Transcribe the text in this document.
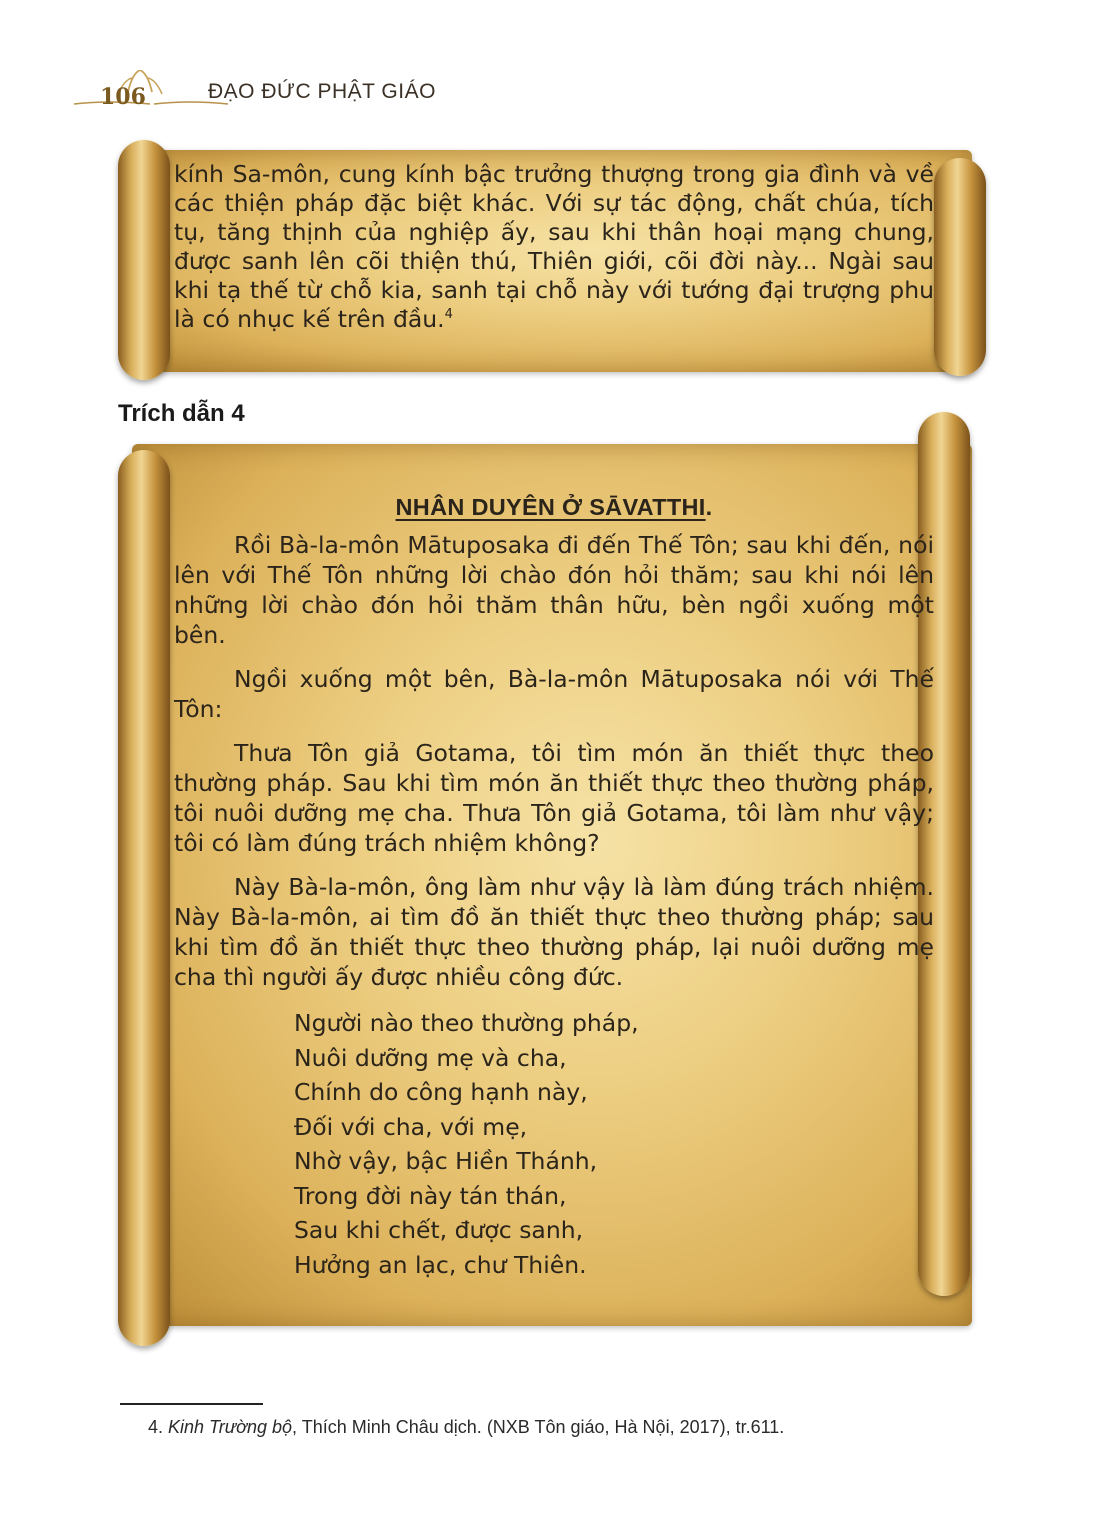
106	ĐẠO ĐỨC PHẬT GIÁO

kính Sa-môn, cung kính bậc trưởng thượng trong gia đình và về các thiện pháp đặc biệt khác. Với sự tác động, chất chúa, tích tụ, tăng thịnh của nghiệp ấy, sau khi thân hoại mạng chung, được sanh lên cõi thiện thú, Thiên giới, cõi đời này... Ngài sau khi tạ thế từ chỗ kia, sanh tại chỗ này với tướng đại trượng phu là có nhục kế trên đầu.$^4$

Trích dẫn 4
NHÂN DUYÊN Ở SĀVATTHI.

Rồi Bà-la-môn Mātuposaka đi đến Thế Tôn; sau khi đến, nói lên với Thế Tôn những lời chào đón hỏi thăm; sau khi nói lên những lời chào đón hỏi thăm thân hữu, bèn ngồi xuống một bên.

Ngồi xuống một bên, Bà-la-môn Mātuposaka nói với Thế Tôn:

Thưa Tôn giả Gotama, tôi tìm món ăn thiết thực theo thường pháp. Sau khi tìm món ăn thiết thực theo thường pháp, tôi nuôi dưỡng mẹ cha. Thưa Tôn giả Gotama, tôi làm như vậy; tôi có làm đúng trách nhiệm không?

Này Bà-la-môn, ông làm như vậy là làm đúng trách nhiệm. Này Bà-la-môn, ai tìm đồ ăn thiết thực theo thường pháp; sau khi tìm đồ ăn thiết thực theo thường pháp, lại nuôi dưỡng mẹ cha thì người ấy được nhiều công đức.

Người nào theo thường pháp,
Nuôi dưỡng mẹ và cha,
Chính do công hạnh này,
Đối với cha, với mẹ,
Nhờ vậy, bậc Hiền Thánh,
Trong đời này tán thán,
Sau khi chết, được sanh,
Hưởng an lạc, chư Thiên.
4. Kinh Trường bộ, Thích Minh Châu dịch. (NXB Tôn giáo, Hà Nội, 2017), tr.611.
